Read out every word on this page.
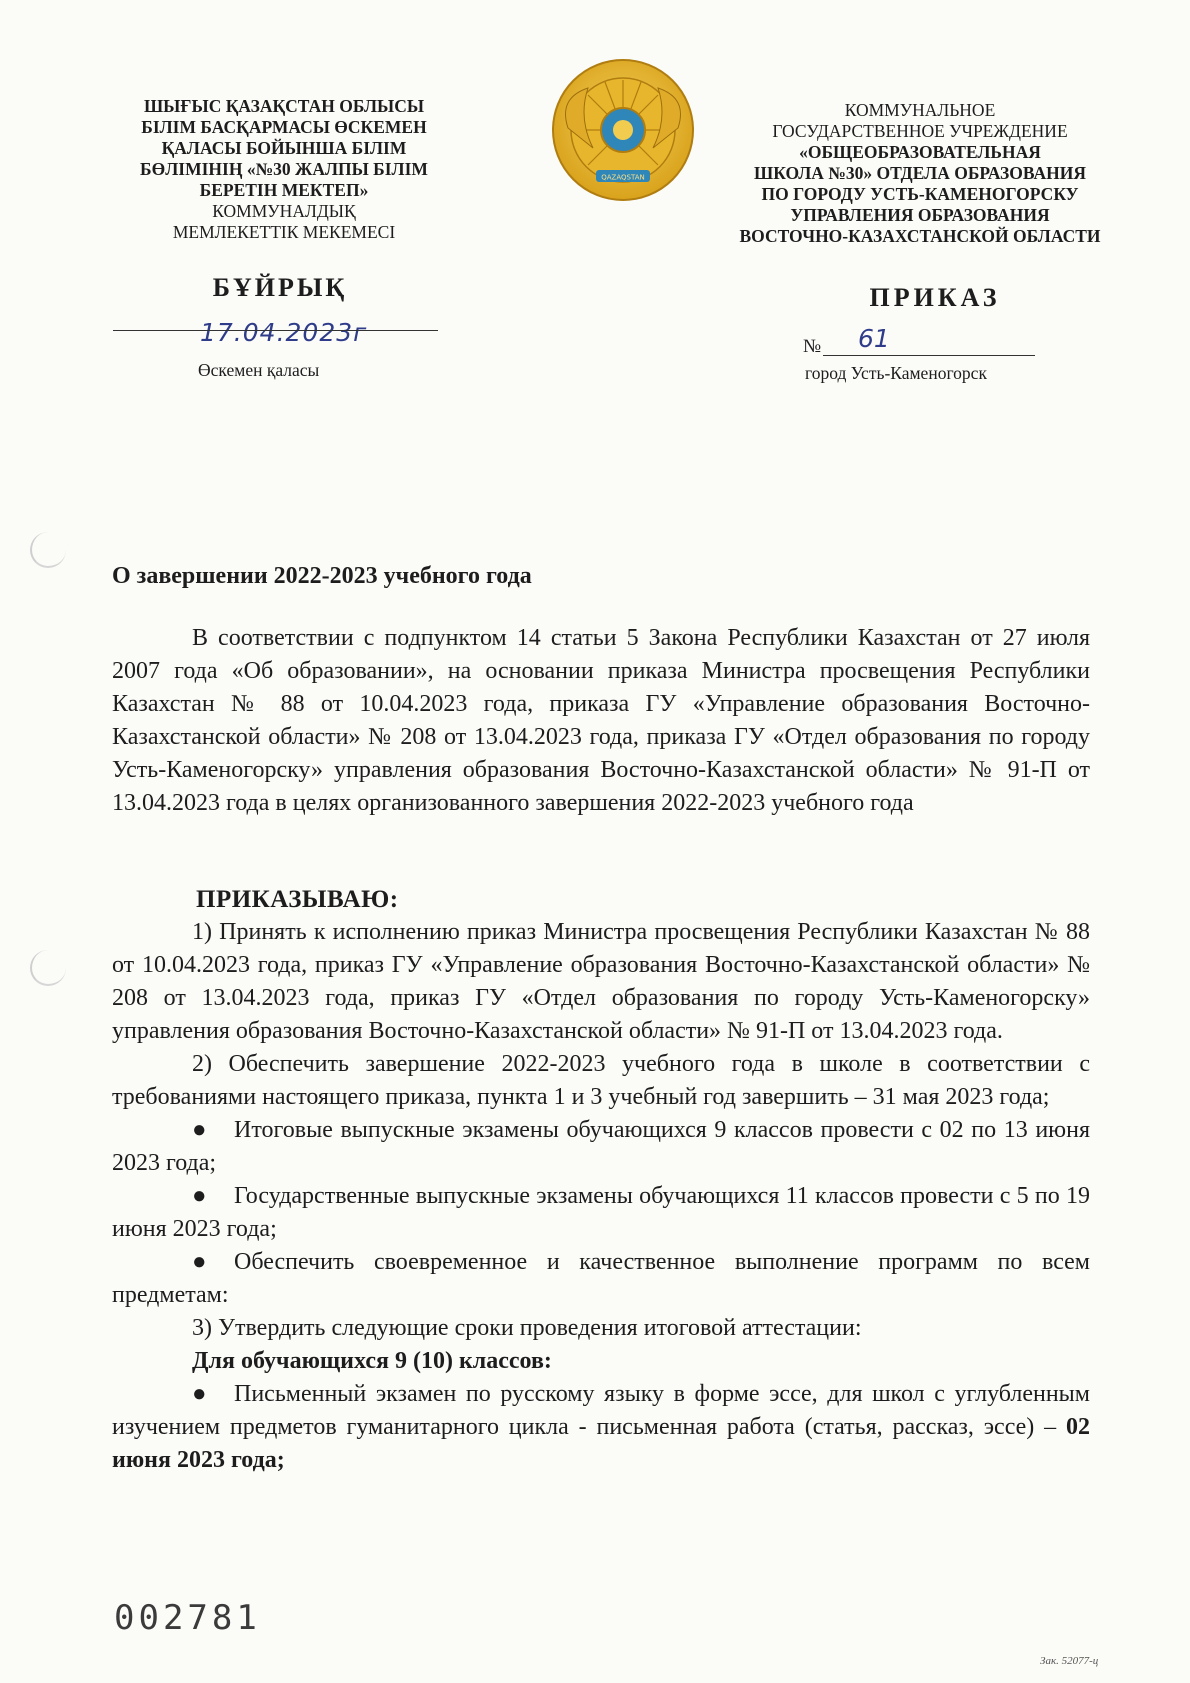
ШЫҒЫС ҚАЗАҚСТАН ОБЛЫСЫ
БІЛІМ БАСҚАРМАСЫ ӨСКЕМЕН
ҚАЛАСЫ БОЙЫНША БІЛІМ
БӨЛІМІНІҢ «№30 ЖАЛПЫ БІЛІМ
БЕРЕТІН МЕКТЕП»
КОММУНАЛДЫҚ
МЕМЛЕКЕТТІК МЕКЕМЕСІ
QAZAQSTAN
КОММУНАЛЬНОЕ
ГОСУДАРСТВЕННОЕ УЧРЕЖДЕНИЕ
«ОБЩЕОБРАЗОВАТЕЛЬНАЯ
ШКОЛА №30» ОТДЕЛА ОБРАЗОВАНИЯ
ПО ГОРОДУ УСТЬ-КАМЕНОГОРСКУ
УПРАВЛЕНИЯ ОБРАЗОВАНИЯ
ВОСТОЧНО-КАЗАХСТАНСКОЙ ОБЛАСТИ
БҰЙРЫҚ	ПРИКАЗ
17.04.2023г
Өскемен қаласы
№ 61
город Усть-Каменогорск
О завершении 2022-2023 учебного года

В соответствии с подпунктом 14 статьи 5 Закона Республики Казахстан от 27 июля 2007 года «Об образовании», на основании приказа Министра просвещения Республики Казахстан № 88 от 10.04.2023 года, приказа ГУ «Управление образования Восточно-Казахстанской области» № 208 от 13.04.2023 года, приказа ГУ «Отдел образования по городу Усть-Каменогорску» управления образования Восточно-Казахстанской области» № 91-П от 13.04.2023 года в целях организованного завершения 2022-2023 учебного года

ПРИКАЗЫВАЮ:

1) Принять к исполнению приказ Министра просвещения Республики Казахстан № 88 от 10.04.2023 года, приказ ГУ «Управление образования Восточно-Казахстанской области» № 208 от 13.04.2023 года, приказ ГУ «Отдел образования по городу Усть-Каменогорску» управления образования Восточно-Казахстанской области» № 91-П от 13.04.2023 года.

2) Обеспечить завершение 2022-2023 учебного года в школе в соответствии с требованиями настоящего приказа, пункта 1 и 3 учебный год завершить – 31 мая 2023 года;

● Итоговые выпускные экзамены обучающихся 9 классов провести с 02 по 13 июня 2023 года;

● Государственные выпускные экзамены обучающихся 11 классов провести с 5 по 19 июня 2023 года;

● Обеспечить своевременное и качественное выполнение программ по всем предметам:

3) Утвердить следующие сроки проведения итоговой аттестации:

Для обучающихся 9 (10) классов:

● Письменный экзамен по русскому языку в форме эссе, для школ с углубленным изучением предметов гуманитарного цикла - письменная работа (статья, рассказ, эссе) – 02 июня 2023 года;

002781
Зак. 52077-ц
